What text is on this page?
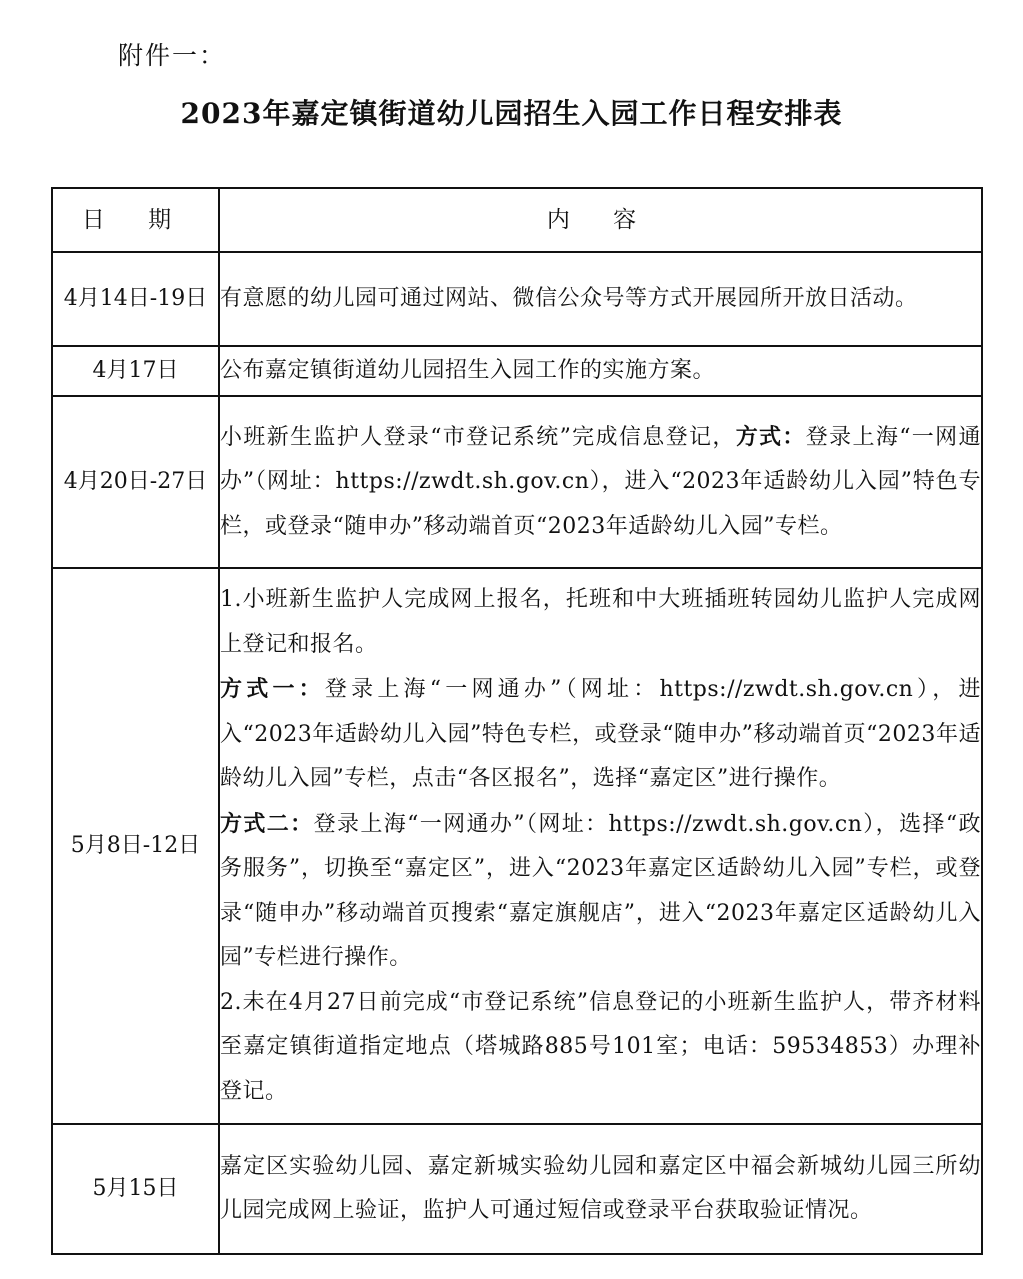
附件一：
2023年嘉定镇街道幼儿园招生入园工作日程安排表
日 期	内 容
4月14日-19日	有意愿的幼儿园可通过网站、微信公众号等方式开展园所开放日活动。
4月17日	公布嘉定镇街道幼儿园招生入园工作的实施方案。
4月20日-27日	小班新生监护人登录“市登记系统”完成信息登记，方式：登录上海“一网通办”（网址：https://zwdt.sh.gov.cn），进入“2023年适龄幼儿入园”特色专栏，或登录“随申办”移动端首页“2023年适龄幼儿入园”专栏。
5月8日-12日	1.小班新生监护人完成网上报名，托班和中大班插班转园幼儿监护人完成网上登记和报名。
方式一：登录上海“一网通办”（网址：https://zwdt.sh.gov.cn），进入“2023年适龄幼儿入园”特色专栏，或登录“随申办”移动端首页“2023年适龄幼儿入园”专栏，点击“各区报名”，选择“嘉定区”进行操作。
方式二：登录上海“一网通办”（网址：https://zwdt.sh.gov.cn），选择“政务服务”，切换至“嘉定区”，进入“2023年嘉定区适龄幼儿入园”专栏，或登录“随申办”移动端首页搜索“嘉定旗舰店”，进入“2023年嘉定区适龄幼儿入园”专栏进行操作。
2.未在4月27日前完成“市登记系统”信息登记的小班新生监护人，带齐材料至嘉定镇街道指定地点（塔城路885号101室；电话：59534853）办理补登记。

5月15日	嘉定区实验幼儿园、嘉定新城实验幼儿园和嘉定区中福会新城幼儿园三所幼儿园完成网上验证，监护人可通过短信或登录平台获取验证情况。
